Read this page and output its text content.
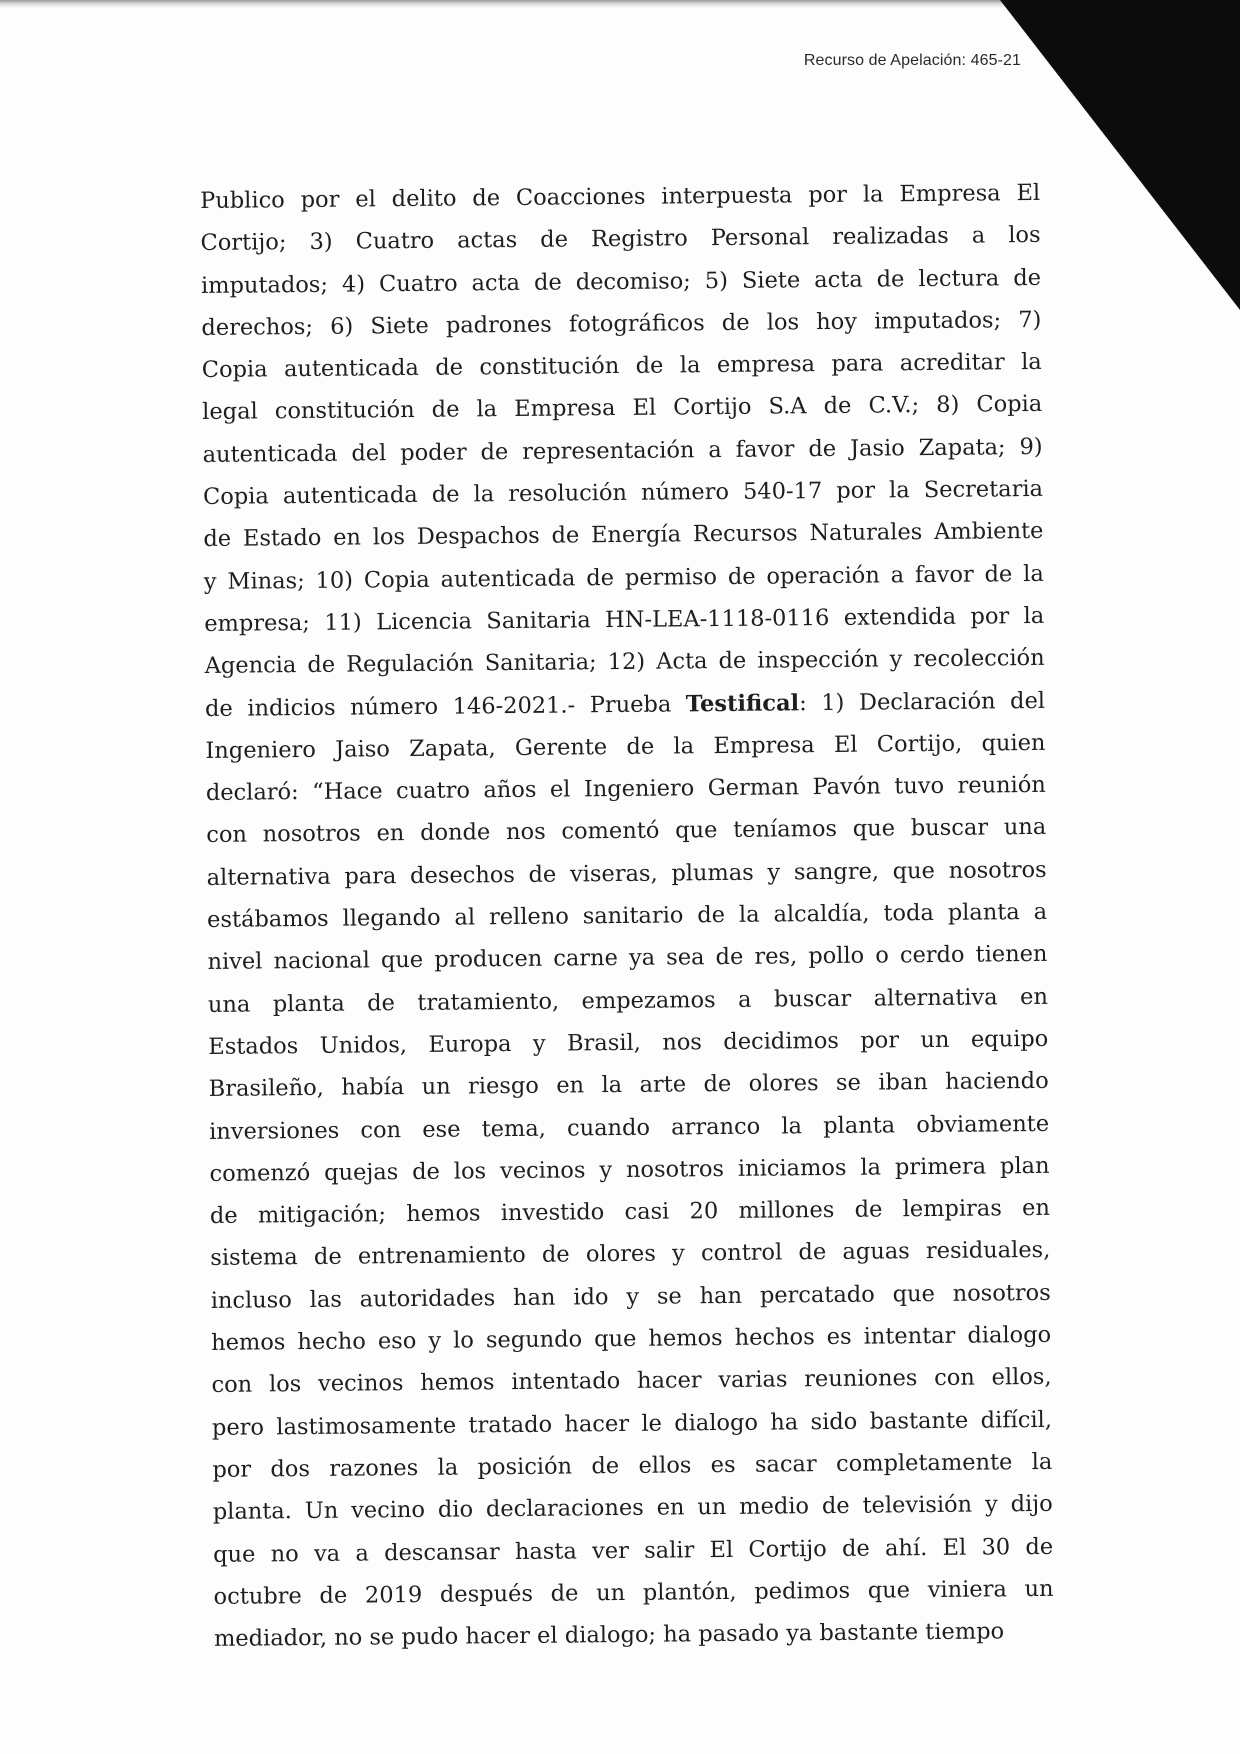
Recurso de Apelación: 465-21
Publico por el delito de Coacciones interpuesta por la Empresa El
Cortijo; 3) Cuatro actas de Registro Personal realizadas a los
imputados; 4) Cuatro acta de decomiso; 5) Siete acta de lectura de
derechos; 6) Siete padrones fotográficos de los hoy imputados; 7)
Copia autenticada de constitución de la empresa para acreditar la
legal constitución de la Empresa El Cortijo S.A de C.V.; 8) Copia
autenticada del poder de representación a favor de Jasio Zapata; 9)
Copia autenticada de la resolución número 540-17 por la Secretaria
de Estado en los Despachos de Energía Recursos Naturales Ambiente
y Minas; 10) Copia autenticada de permiso de operación a favor de la
empresa; 11) Licencia Sanitaria HN-LEA-1118-0116 extendida por la
Agencia de Regulación Sanitaria; 12) Acta de inspección y recolección
de indicios número 146-2021.- Prueba Testifical: 1) Declaración del
Ingeniero Jaiso Zapata, Gerente de la Empresa El Cortijo, quien
declaró: “Hace cuatro años el Ingeniero German Pavón tuvo reunión
con nosotros en donde nos comentó que teníamos que buscar una
alternativa para desechos de viseras, plumas y sangre, que nosotros
estábamos llegando al relleno sanitario de la alcaldía, toda planta a
nivel nacional que producen carne ya sea de res, pollo o cerdo tienen
una planta de tratamiento, empezamos a buscar alternativa en
Estados Unidos, Europa y Brasil, nos decidimos por un equipo
Brasileño, había un riesgo en la arte de olores se iban haciendo
inversiones con ese tema, cuando arranco la planta obviamente
comenzó quejas de los vecinos y nosotros iniciamos la primera plan
de mitigación; hemos investido casi 20 millones de lempiras en
sistema de entrenamiento de olores y control de aguas residuales,
incluso las autoridades han ido y se han percatado que nosotros
hemos hecho eso y lo segundo que hemos hechos es intentar dialogo
con los vecinos hemos intentado hacer varias reuniones con ellos,
pero lastimosamente tratado hacer le dialogo ha sido bastante difícil,
por dos razones la posición de ellos es sacar completamente la
planta. Un vecino dio declaraciones en un medio de televisión y dijo
que no va a descansar hasta ver salir El Cortijo de ahí. El 30 de
octubre de 2019 después de un plantón, pedimos que viniera un
mediador, no se pudo hacer el dialogo; ha pasado ya bastante tiempo
